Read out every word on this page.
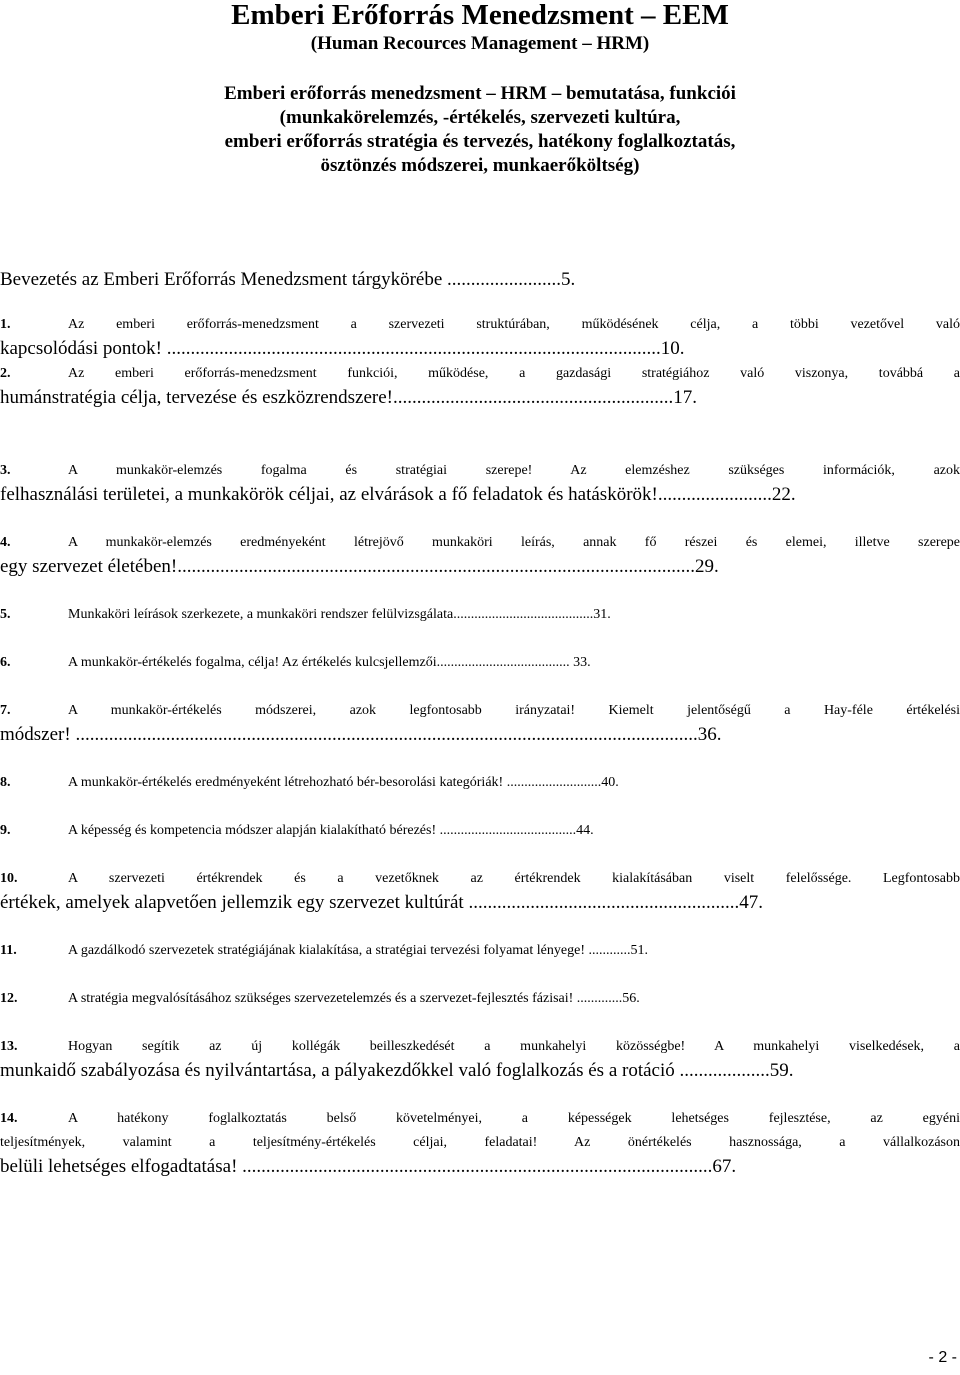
Emberi Erőforrás Menedzsment – EEM
(Human Recources Management – HRM)
Emberi erőforrás menedzsment – HRM – bemutatása, funkciói
(munkakörelemzés, -értékelés, szervezeti kultúra,
emberi erőforrás stratégia és tervezés, hatékony foglalkoztatás,
ösztönzés módszerei, munkaerőköltség)
Bevezetés az Emberi Erőforrás Menedzsment tárgykörébe ........................5.
1.	Az emberi erőforrás-menedzsment a szervezeti struktúrában, működésének célja, a többi vezetővel való
kapcsolódási pontok! ........................................................................................................10.
2.	Az emberi erőforrás-menedzsment funkciói, működése, a gazdasági stratégiához való viszonya, továbbá a
humánstratégia célja, tervezése és eszközrendszere!...........................................................17.
3.	A munkakör-elemzés fogalma és stratégiai szerepe! Az elemzéshez szükséges információk, azok
felhasználási területei, a munkakörök céljai, az elvárások a fő feladatok és hatáskörök!........................22.
4.	A munkakör-elemzés eredményeként létrejövő munkaköri leírás, annak fő részei és elemei, illetve szerepe
egy szervezet életében!.............................................................................................................29.
5.	Munkaköri leírások szerkezete, a munkaköri rendszer felülvizsgálata........................................31.
6.	A munkakör-értékelés fogalma, célja! Az értékelés kulcsjellemzői...................................... 33.
7.	A munkakör-értékelés módszerei, azok legfontosabb irányzatai! Kiemelt jelentőségű a Hay-féle értékelési
módszer! ...................................................................................................................................36.
8.	A munkakör-értékelés eredményeként létrehozható bér-besorolási kategóriák! ...........................40.
9.	A képesség és kompetencia módszer alapján kialakítható bérezés! .......................................44.
10.	A szervezeti értékrendek és a vezetőknek az értékrendek kialakításában viselt felelőssége. Legfontosabb
értékek, amelyek alapvetően jellemzik egy szervezet kultúrát .........................................................47.
11.	A gazdálkodó szervezetek stratégiájának kialakítása, a stratégiai tervezési folyamat lényege! ............51.
12.	A stratégia megvalósításához szükséges szervezetelemzés és a szervezet-fejlesztés fázisai! .............56.
13.	Hogyan segítik az új kollégák beilleszkedését a munkahelyi közösségbe! A munkahelyi viselkedések, a
munkaidő szabályozása és nyilvántartása, a pályakezdőkkel való foglalkozás és a rotáció ...................59.
14.	A hatékony foglalkoztatás belső követelményei, a képességek lehetséges fejlesztése, az egyéni
teljesítmények, valamint a teljesítmény-értékelés céljai, feladatai! Az önértékelés hasznossága, a vállalkozáson
belüli lehetséges elfogadtatása! ...................................................................................................67.
- 2 -
